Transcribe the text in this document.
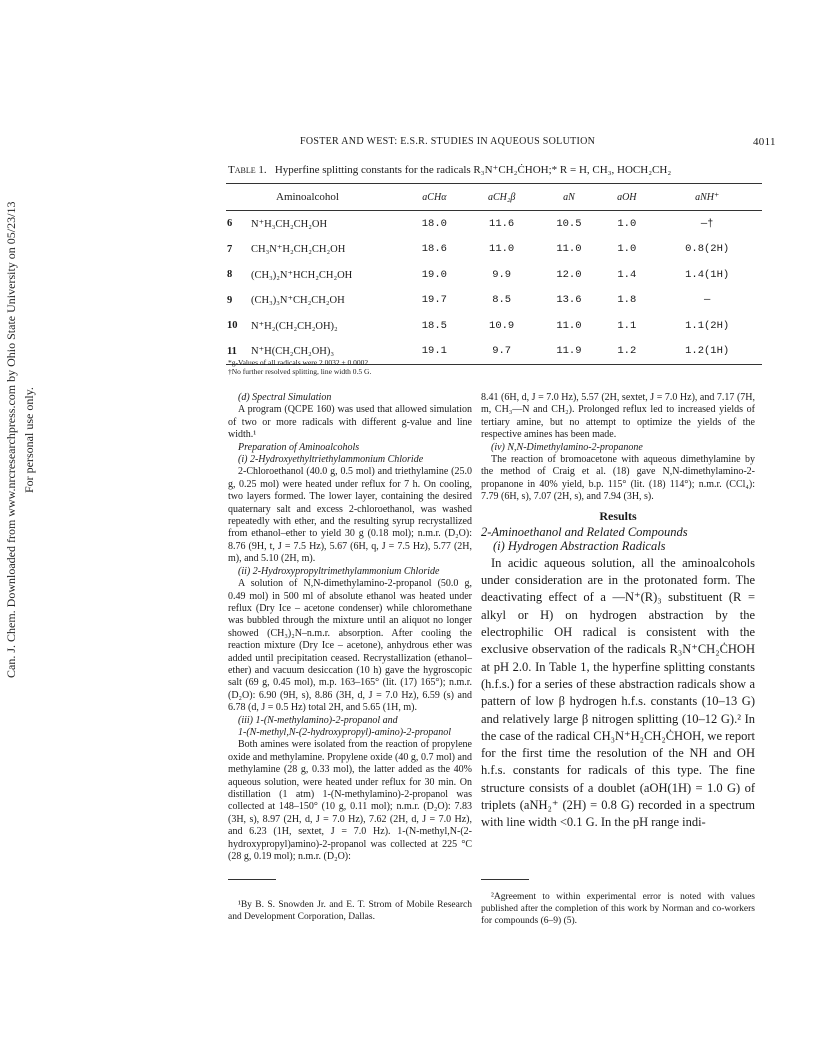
Can. J. Chem. Downloaded from www.nrcresearchpress.com by Ohio State University on 05/23/13 For personal use only.
FOSTER AND WEST: E.S.R. STUDIES IN AQUEOUS SOLUTION	4011
Table 1. Hyperfine splitting constants for the radicals R₃N⁺CH₂ĊHOH;* R = H, CH₃, HOCH₂CH₂
Aminoalcohol		aCHα	aCH₂β	aN	aOH	aNH⁺
6	N⁺H₃CH₂CH₂OH	18.0	11.6	10.5	1.0	—†
7	CH₃N⁺H₂CH₂CH₂OH	18.6	11.0	11.0	1.0	0.8(2H)
8	(CH₃)₂N⁺HCH₂CH₂OH	19.0	9.9	12.0	1.4	1.4(1H)
9	(CH₃)₃N⁺CH₂CH₂OH	19.7	8.5	13.6	1.8	—
10	N⁺H₂(CH₂CH₂OH)₂	18.5	10.9	11.0	1.1	1.1(2H)
11	N⁺H(CH₂CH₂OH)₃	19.1	9.7	11.9	1.2	1.2(1H)
*g-Values of all radicals were 2.0032 ± 0.0002.
†No further resolved splitting, line width 0.5 G.

(d) Spectral Simulation

A program (QCPE 160) was used that allowed simulation of two or more radicals with different g-value and line width.¹

Preparation of Aminoalcohols

(i) 2-Hydroxyethyltriethylammonium Chloride

2-Chloroethanol (40.0 g, 0.5 mol) and triethylamine (25.0 g, 0.25 mol) were heated under reflux for 7 h. On cooling, two layers formed. The lower layer, containing the desired quaternary salt and excess 2-chloroethanol, was washed repeatedly with ether, and the resulting syrup recrystallized from ethanol–ether to yield 30 g (0.18 mol); n.m.r. (D₂O): 8.76 (9H, t, J = 7.5 Hz), 5.67 (6H, q, J = 7.5 Hz), 5.77 (2H, m), and 5.10 (2H, m).

(ii) 2-Hydroxypropyltrimethylammonium Chloride

A solution of N,N-dimethylamino-2-propanol (50.0 g, 0.49 mol) in 500 ml of absolute ethanol was heated under reflux (Dry Ice – acetone condenser) while chloromethane was bubbled through the mixture until an aliquot no longer showed (CH₃)₂N–n.m.r. absorption. After cooling the reaction mixture (Dry Ice – acetone), anhydrous ether was added until precipitation ceased. Recrystallization (ethanol–ether) and vacuum desiccation (10 h) gave the hygroscopic salt (69 g, 0.45 mol), m.p. 163–165° (lit. (17) 165°); n.m.r. (D₂O): 6.90 (9H, s), 8.86 (3H, d, J = 7.0 Hz), 6.59 (s) and 6.78 (d, J = 0.5 Hz) total 2H, and 5.65 (1H, m).

(iii) 1-(N-methylamino)-2-propanol and

1-(N-methyl,N-(2-hydroxypropyl)-amino)-2-propanol

Both amines were isolated from the reaction of propylene oxide and methylamine. Propylene oxide (40 g, 0.7 mol) and methylamine (28 g, 0.33 mol), the latter added as the 40% aqueous solution, were heated under reflux for 30 min. On distillation (1 atm) 1-(N-methylamino)-2-propanol was collected at 148–150° (10 g, 0.11 mol); n.m.r. (D₂O): 7.83 (3H, s), 8.97 (2H, d, J = 7.0 Hz), 7.62 (2H, d, J = 7.0 Hz), and 6.23 (1H, sextet, J = 7.0 Hz). 1-(N-methyl,N-(2-hydroxypropyl)amino)-2-propanol was collected at 225 °C (28 g, 0.19 mol); n.m.r. (D₂O):

8.41 (6H, d, J = 7.0 Hz), 5.57 (2H, sextet, J = 7.0 Hz), and 7.17 (7H, m, CH₃—N and CH₂). Prolonged reflux led to increased yields of tertiary amine, but no attempt to optimize the yields of the respective amines has been made.

(iv) N,N-Dimethylamino-2-propanone

The reaction of bromoacetone with aqueous dimethylamine by the method of Craig et al. (18) gave N,N-dimethylamino-2-propanone in 40% yield, b.p. 115° (lit. (18) 114°); n.m.r. (CCl₄): 7.79 (6H, s), 7.07 (2H, s), and 7.94 (3H, s).

Results

2-Aminoethanol and Related Compounds

(i) Hydrogen Abstraction Radicals

In acidic aqueous solution, all the aminoalcohols under consideration are in the protonated form. The deactivating effect of a —N⁺(R)₃ substituent (R = alkyl or H) on hydrogen abstraction by the electrophilic OH radical is consistent with the exclusive observation of the radicals R₃N⁺CH₂ĊHOH at pH 2.0. In Table 1, the hyperfine splitting constants (h.f.s.) for a series of these abstraction radicals show a pattern of low β hydrogen h.f.s. constants (10–13 G) and relatively large β nitrogen splitting (10–12 G).² In the case of the radical CH₃N⁺H₂CH₂ĊHOH, we report for the first time the resolution of the NH and OH h.f.s. constants for radicals of this type. The fine structure consists of a doublet (aOH(1H) = 1.0 G) of triplets (aNH₂⁺ (2H) = 0.8 G) recorded in a spectrum with line width <0.1 G. In the pH range indi-

¹By B. S. Snowden Jr. and E. T. Strom of Mobile Research and Development Corporation, Dallas.
²Agreement to within experimental error is noted with values published after the completion of this work by Norman and co-workers for compounds (6–9) (5).
